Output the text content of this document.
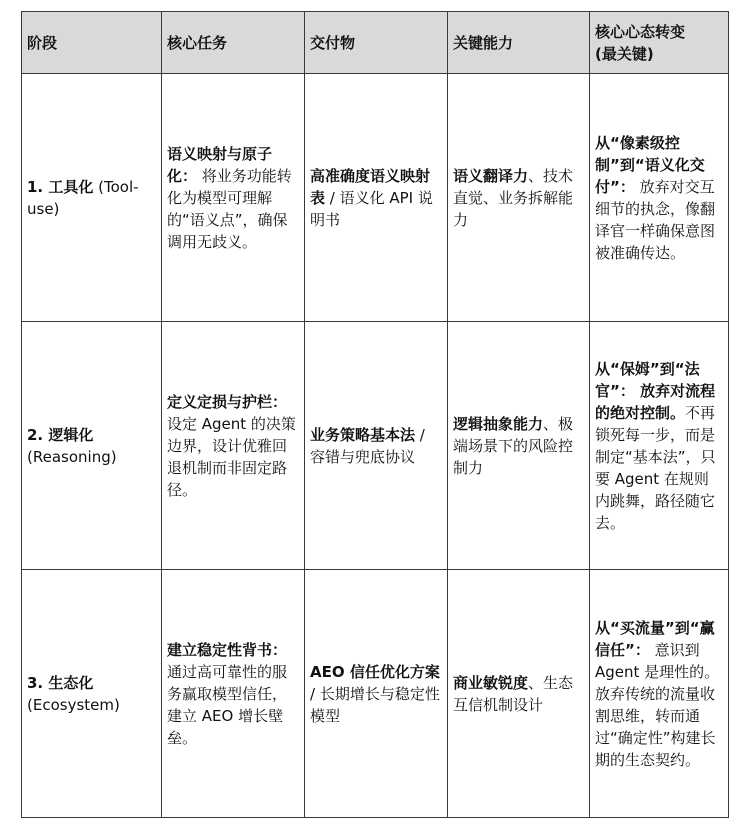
阶段	核心任务	交付物	关键能力	核心心态转变
(最关键)
1. 工具化 (Tool-use)	语义映射与原子化： 将业务功能转化为模型可理解的“语义点”，确保调用无歧义。	高准确度语义映射表 / 语义化 API 说明书	语义翻译力、技术直觉、业务拆解能力	从“像素级控制”到“语义化交付”： 放弃对交互细节的执念，像翻译官一样确保意图被准确传达。
2. 逻辑化 (Reasoning)	定义定损与护栏： 设定 Agent 的决策边界，设计优雅回退机制而非固定路径。	业务策略基本法 / 容错与兜底协议	逻辑抽象能力、极端场景下的风险控制力	从“保姆”到“法官”： 放弃对流程的绝对控制。不再锁死每一步，而是制定“基本法”，只要 Agent 在规则内跳舞，路径随它去。
3. 生态化 (Ecosystem)	建立稳定性背书： 通过高可靠性的服务赢取模型信任，建立 AEO 增长壁垒。	AEO 信任优化方案 / 长期增长与稳定性模型	商业敏锐度、生态互信机制设计	从“买流量”到“赢信任”： 意识到 Agent 是理性的。放弃传统的流量收割思维，转而通过“确定性”构建长期的生态契约。
